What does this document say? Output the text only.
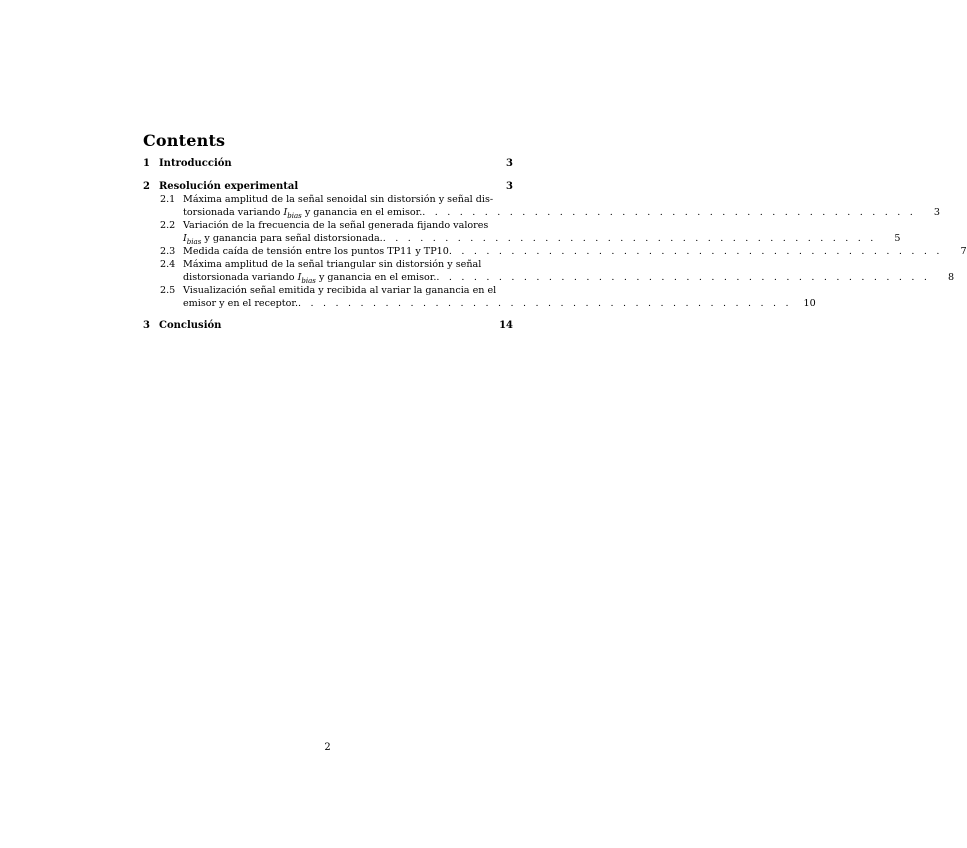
Contents
1 Introducción	3
2 Resolución experimental	3
2.1 Máxima amplitud de la señal senoidal sin distorsión y señal dis-
torsionada variando $I_{bias}$ y ganancia en el emisor. . . . . . . . . . . . . . . . . . . . . . . . . . . . . . . . . . . . . . . . .	3
2.2 Variación de la frecuencia de la señal generada fijando valores
$I_{bias}$ y ganancia para señal distorsionada. . . . . . . . . . . . . . . . . . . . . . . . . . . . . . . . . . . . . . . . .	5
2.3 Medida caída de tensión entre los puntos TP11 y TP10 . . . . . . . . . . . . . . . . . . . . . . . . . . . . . . . . . . . . . . . .	7
2.4 Máxima amplitud de la señal triangular sin distorsión y señal
distorsionada variando $I_{bias}$ y ganancia en el emisor. . . . . . . . . . . . . . . . . . . . . . . . . . . . . . . . . . . . . . . . .	8
2.5 Visualización señal emitida y recibida al variar la ganancia en el
emisor y en el receptor. . . . . . . . . . . . . . . . . . . . . . . . . . . . . . . . . . . . . . . . .	10
3 Conclusión	14
2
